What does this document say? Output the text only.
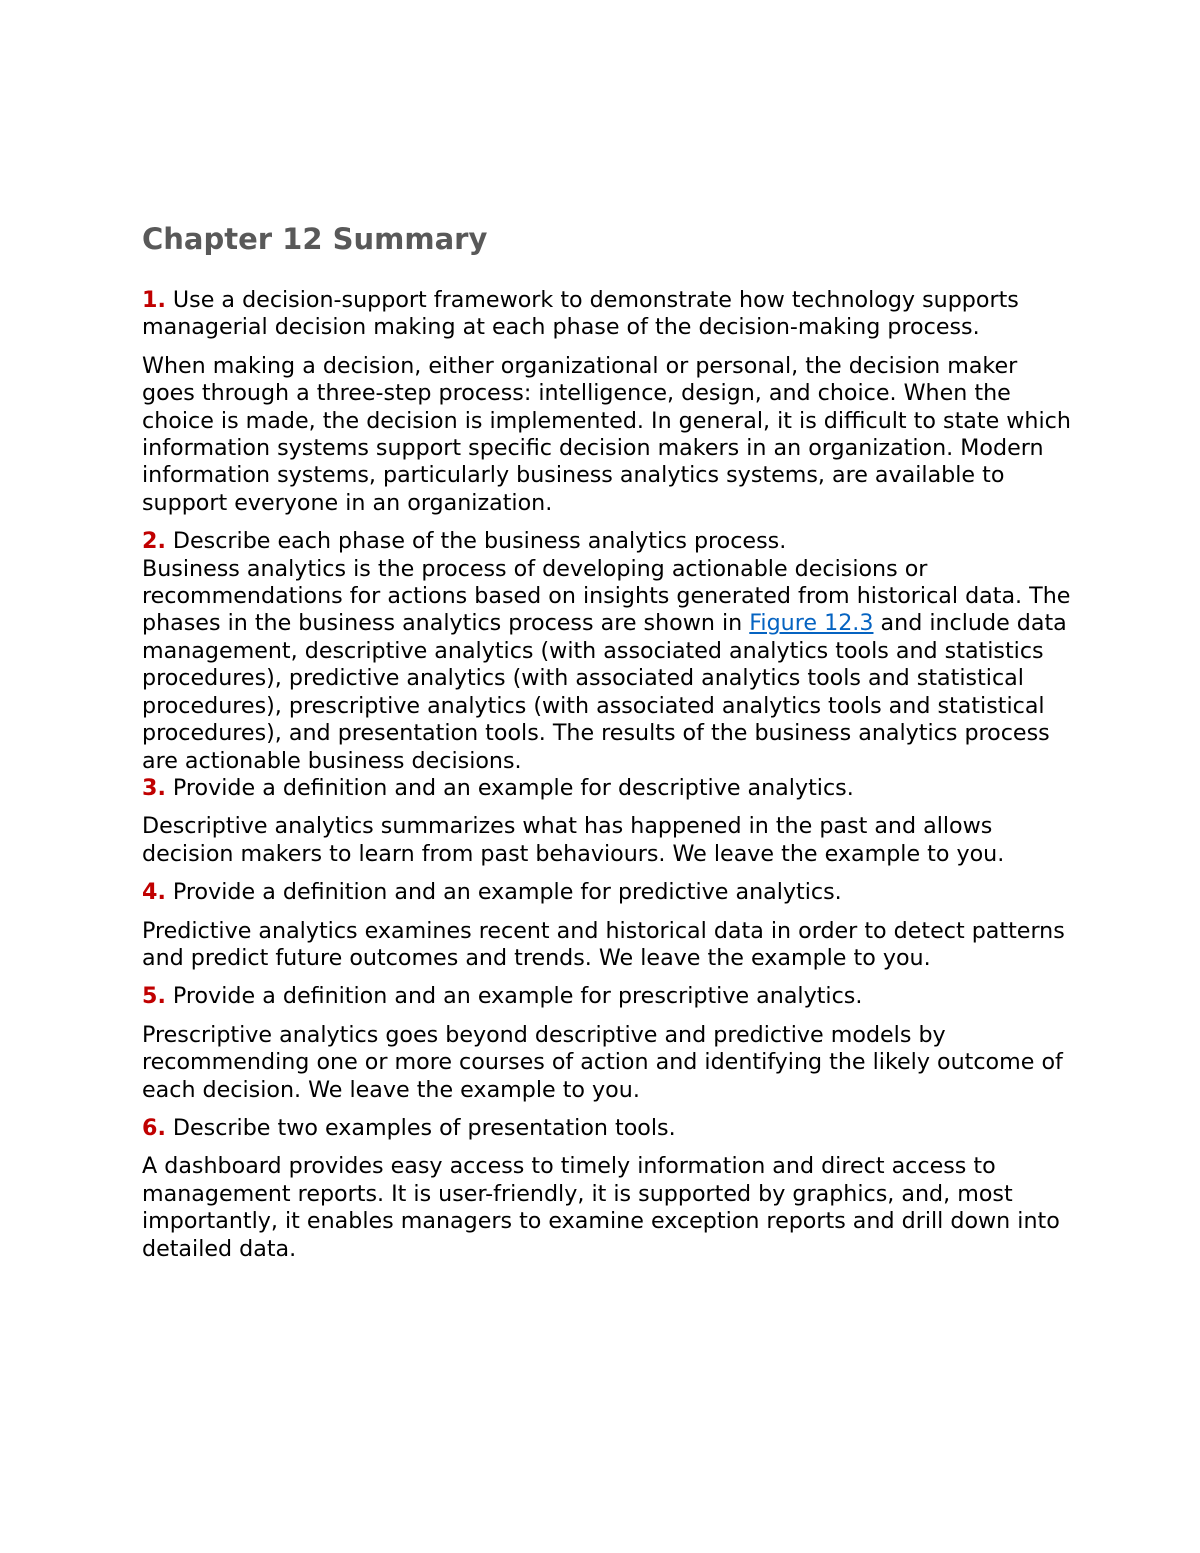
Chapter 12 Summary

1. Use a decision-support framework to demonstrate how technology supports managerial decision making at each phase of the decision-making process.

When making a decision, either organizational or personal, the decision maker goes through a three-step process: intelligence, design, and choice. When the choice is made, the decision is implemented. In general, it is difficult to state which information systems support specific decision makers in an organization. Modern information systems, particularly business analytics systems, are available to support everyone in an organization.

2. Describe each phase of the business analytics process.

Business analytics is the process of developing actionable decisions or recommendations for actions based on insights generated from historical data. The phases in the business analytics process are shown in Figure 12.3 and include data management, descriptive analytics (with associated analytics tools and statistics procedures), predictive analytics (with associated analytics tools and statistical procedures), prescriptive analytics (with associated analytics tools and statistical procedures), and presentation tools. The results of the business analytics process are actionable business decisions.

3. Provide a definition and an example for descriptive analytics.

Descriptive analytics summarizes what has happened in the past and allows decision makers to learn from past behaviours. We leave the example to you.

4. Provide a definition and an example for predictive analytics.

Predictive analytics examines recent and historical data in order to detect patterns and predict future outcomes and trends. We leave the example to you.

5. Provide a definition and an example for prescriptive analytics.

Prescriptive analytics goes beyond descriptive and predictive models by recommending one or more courses of action and identifying the likely outcome of each decision. We leave the example to you.

6. Describe two examples of presentation tools.

A dashboard provides easy access to timely information and direct access to management reports. It is user-friendly, it is supported by graphics, and, most importantly, it enables managers to examine exception reports and drill down into detailed data.
